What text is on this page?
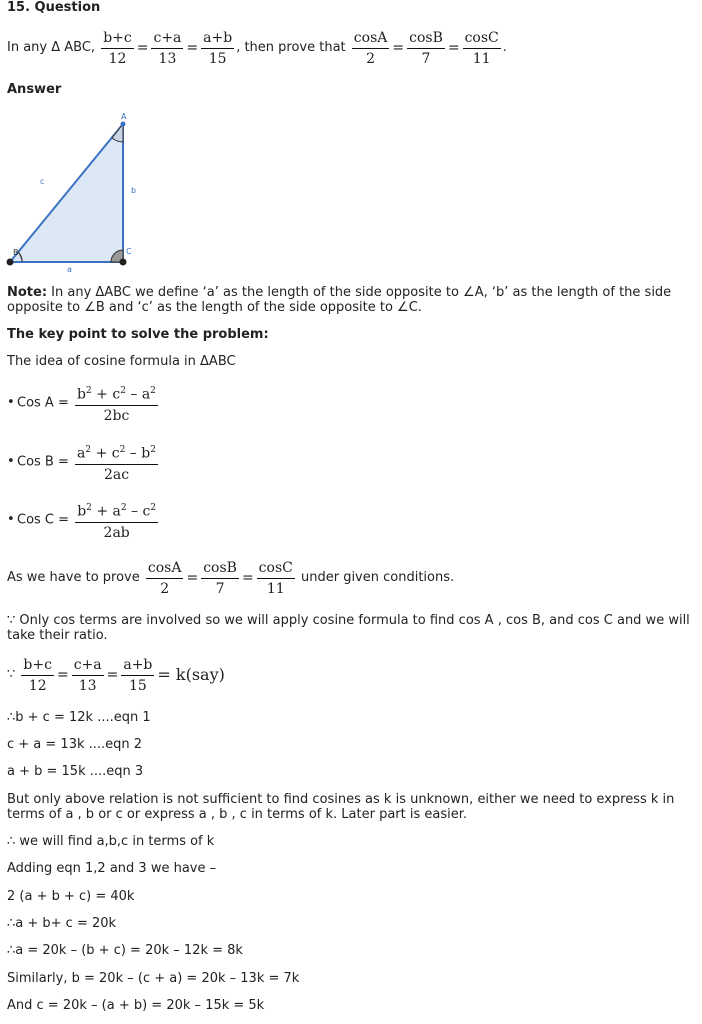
15. Question
In any Δ ABC, $\frac{b+c}{12} = \frac{c+a}{13} = \frac{a+b}{15}$ , then prove that $\frac{\cos A}{2} = \frac{\cos B}{7} = \frac{\cos C}{11}$ .
Answer
A
B	C
c
b
a
Note: In any ΔABC we define ‘a’ as the length of the side opposite to ∠A, ‘b’ as the length of the side opposite to ∠B and ‘c’ as the length of the side opposite to ∠C.
The key point to solve the problem:
The idea of cosine formula in ΔABC
• Cos $A = \frac{b^2 + c^2 - a^2}{2bc}$
• Cos $B = \frac{a^2 + c^2 - b^2}{2ac}$
• Cos $C = \frac{b^2 + a^2 - c^2}{2ab}$
As we have to prove $\frac{\cos A}{2} = \frac{\cos B}{7} = \frac{\cos C}{11}$ under given conditions.
∵ Only cos terms are involved so we will apply cosine formula to find cos A , cos B, and cos C and we will take their ratio.
∵ $\frac{b+c}{12} = \frac{c+a}{13} = \frac{a+b}{15} = k(say)$
∴b + c = 12k ....eqn 1
c + a = 13k ....eqn 2
a + b = 15k ....eqn 3
But only above relation is not sufficient to find cosines as k is unknown, either we need to express k in terms of a , b or c or express a , b , c in terms of k. Later part is easier.
∴ we will find a,b,c in terms of k
Adding eqn 1,2 and 3 we have –
2 (a + b + c) = 40k
∴a + b+ c = 20k
∴a = 20k – (b + c) = 20k – 12k = 8k
Similarly, b = 20k – (c + a) = 20k – 13k = 7k
And c = 20k – (a + b) = 20k – 15k = 5k
